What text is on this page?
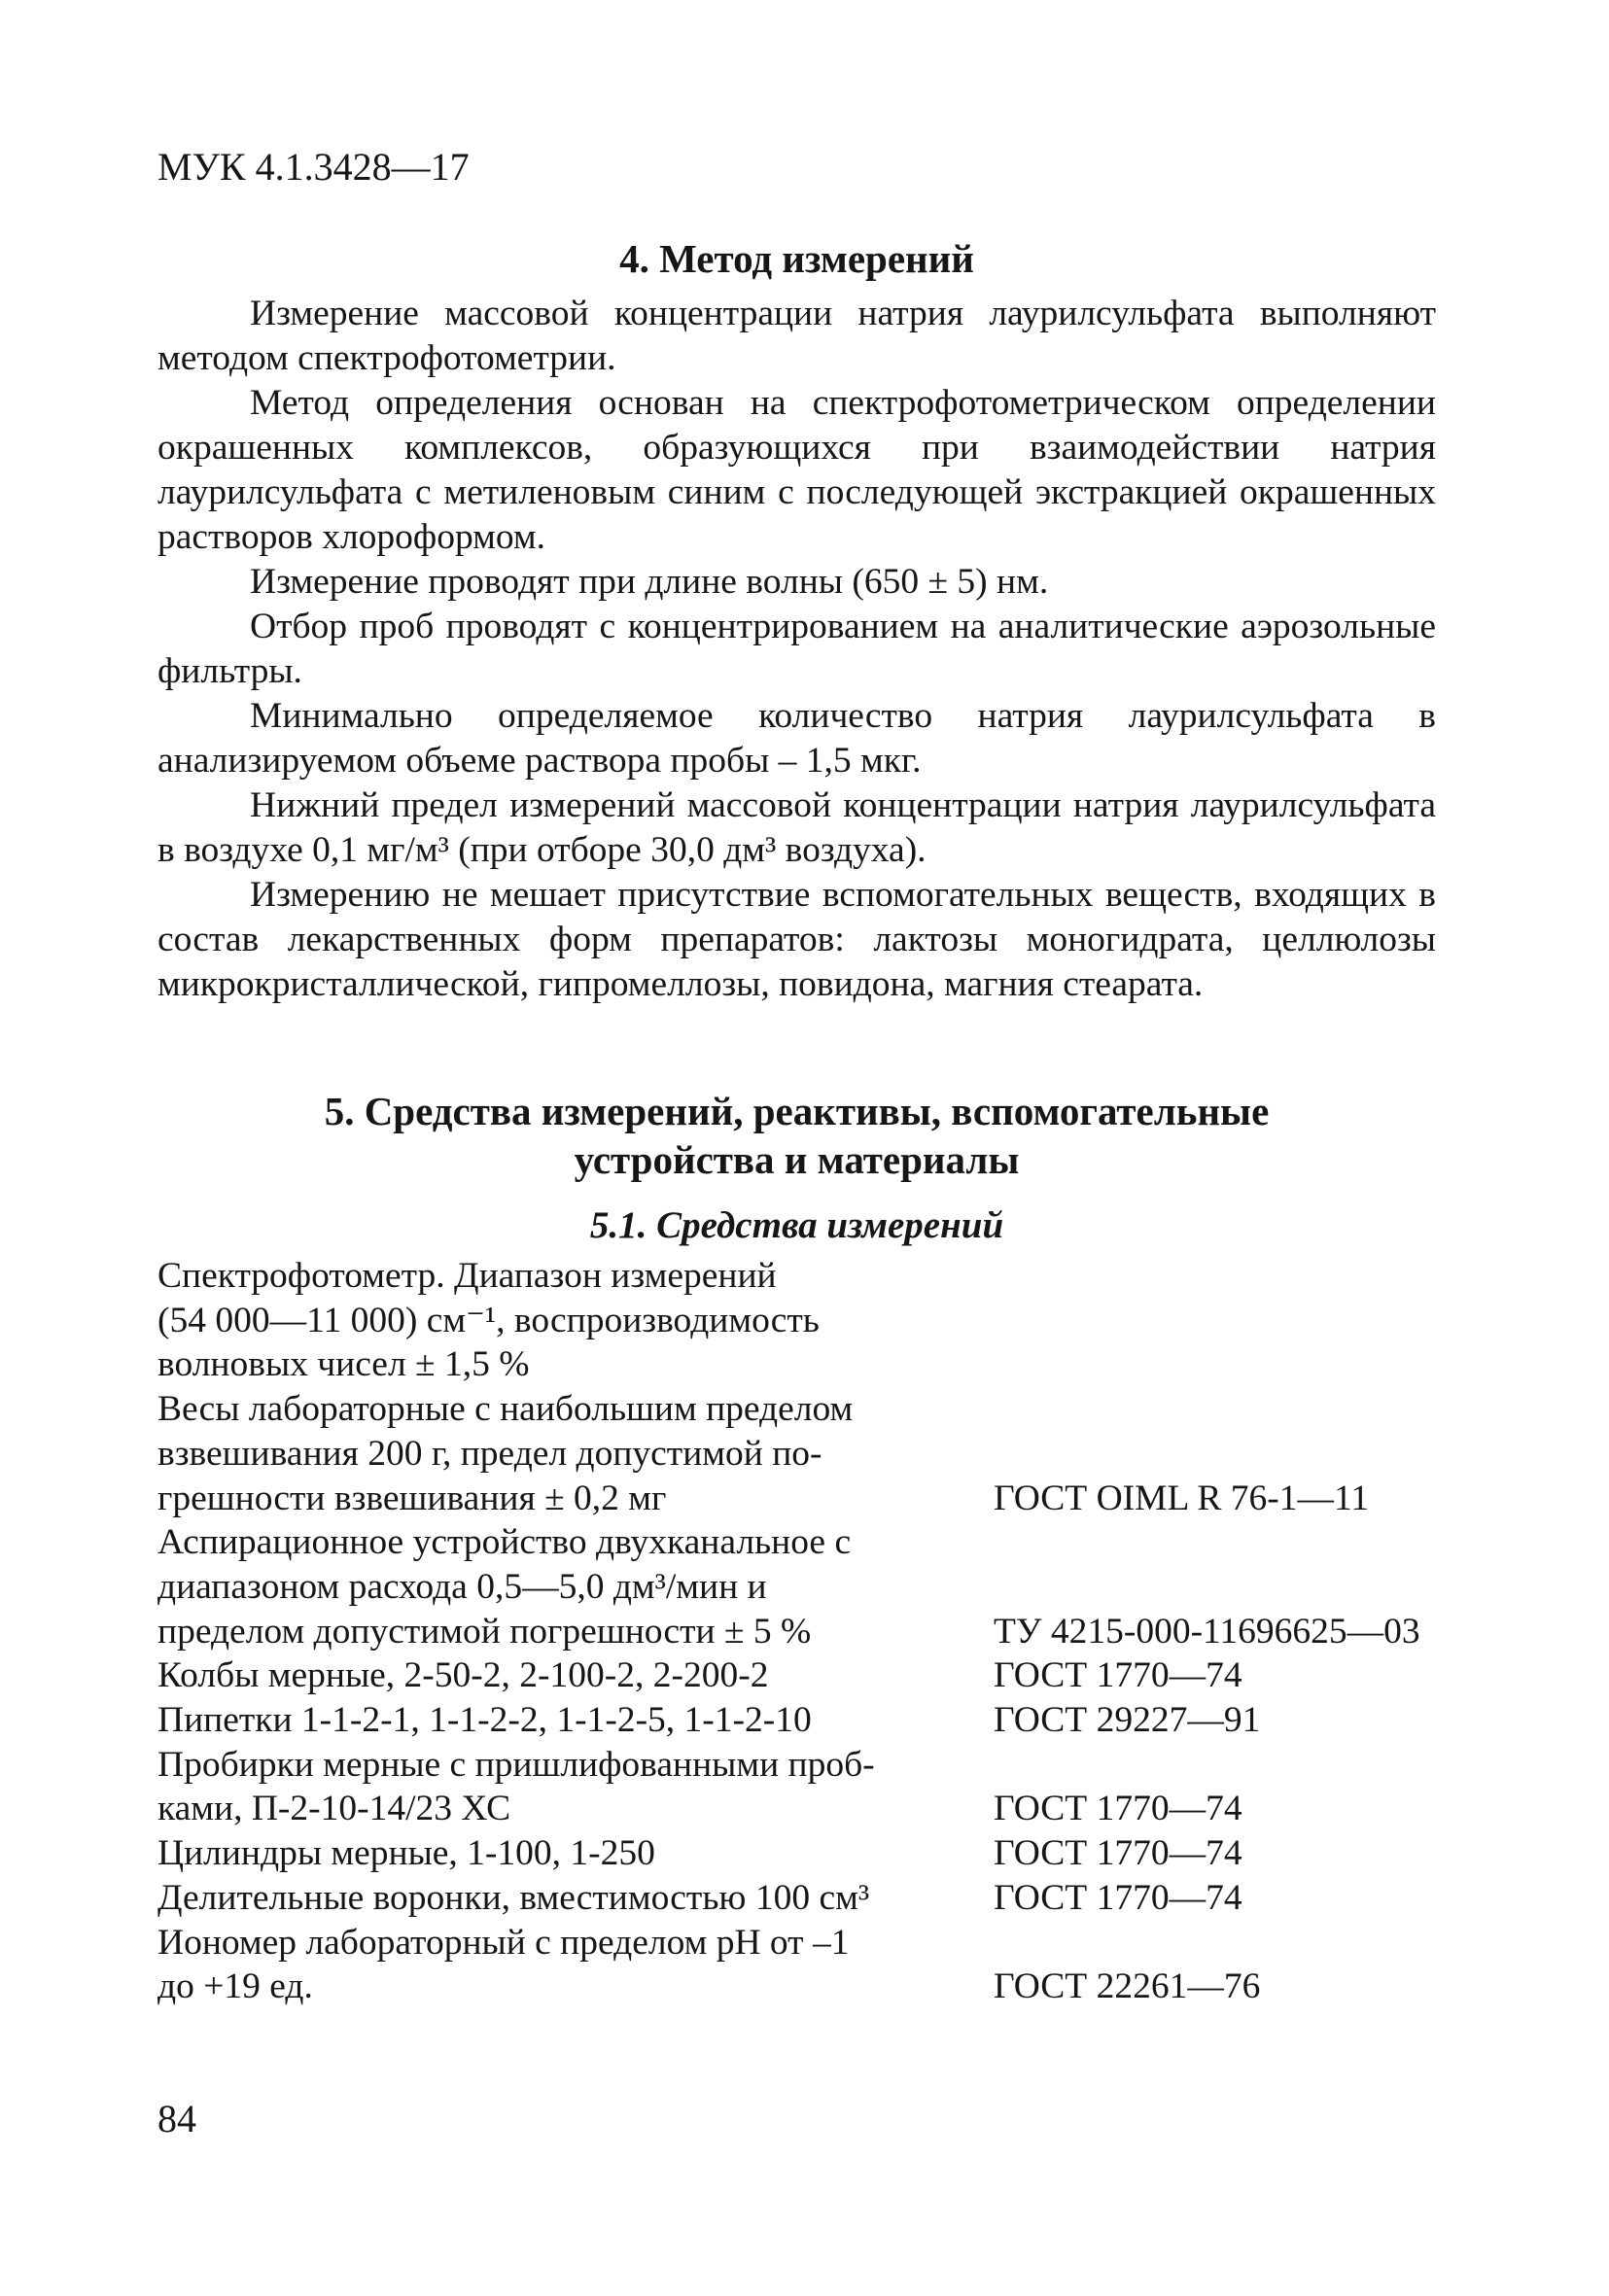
МУК 4.1.3428—17
4. Метод измерений

Измерение массовой концентрации натрия лаурилсульфата выполняют методом спектрофотометрии.

Метод определения основан на спектрофотометрическом определении окрашенных комплексов, образующихся при взаимодействии натрия лаурилсульфата с метиленовым синим с последующей экстракцией окрашенных растворов хлороформом.

Измерение проводят при длине волны (650 ± 5) нм.

Отбор проб проводят с концентрированием на аналитические аэрозольные фильтры.

Минимально определяемое количество натрия лаурилсульфата в анализируемом объеме раствора пробы – 1,5 мкг.

Нижний предел измерений массовой концентрации натрия лаурилсульфата в воздухе 0,1 мг/м³ (при отборе 30,0 дм³ воздуха).

Измерению не мешает присутствие вспомогательных веществ, входящих в состав лекарственных форм препаратов: лактозы моногидрата, целлюлозы микрокристаллической, гипромеллозы, повидона, магния стеарата.

5. Средства измерений, реактивы, вспомогательные
устройства и материалы
5.1. Средства измерений
Спектрофотометр. Диапазон измерений
(54 000—11 000) см⁻¹, воспроизводимость
волновых чисел ± 1,5 %
Весы лабораторные с наибольшим пределом
взвешивания 200 г, предел допустимой по-
грешности взвешивания ± 0,2 мг	ГОСТ OIML R 76-1—11
Аспирационное устройство двухканальное с
диапазоном расхода 0,5—5,0 дм³/мин и
пределом допустимой погрешности ± 5 %	ТУ 4215-000-11696625—03
Колбы мерные, 2-50-2, 2-100-2, 2-200-2	ГОСТ 1770—74
Пипетки 1-1-2-1, 1-1-2-2, 1-1-2-5, 1-1-2-10	ГОСТ 29227—91
Пробирки мерные с пришлифованными проб-
ками, П-2-10-14/23 ХС	ГОСТ 1770—74
Цилиндры мерные, 1-100, 1-250	ГОСТ 1770—74
Делительные воронки, вместимостью 100 см³	ГОСТ 1770—74
Иономер лабораторный с пределом рН от –1
до +19 ед.	ГОСТ 22261—76
84
